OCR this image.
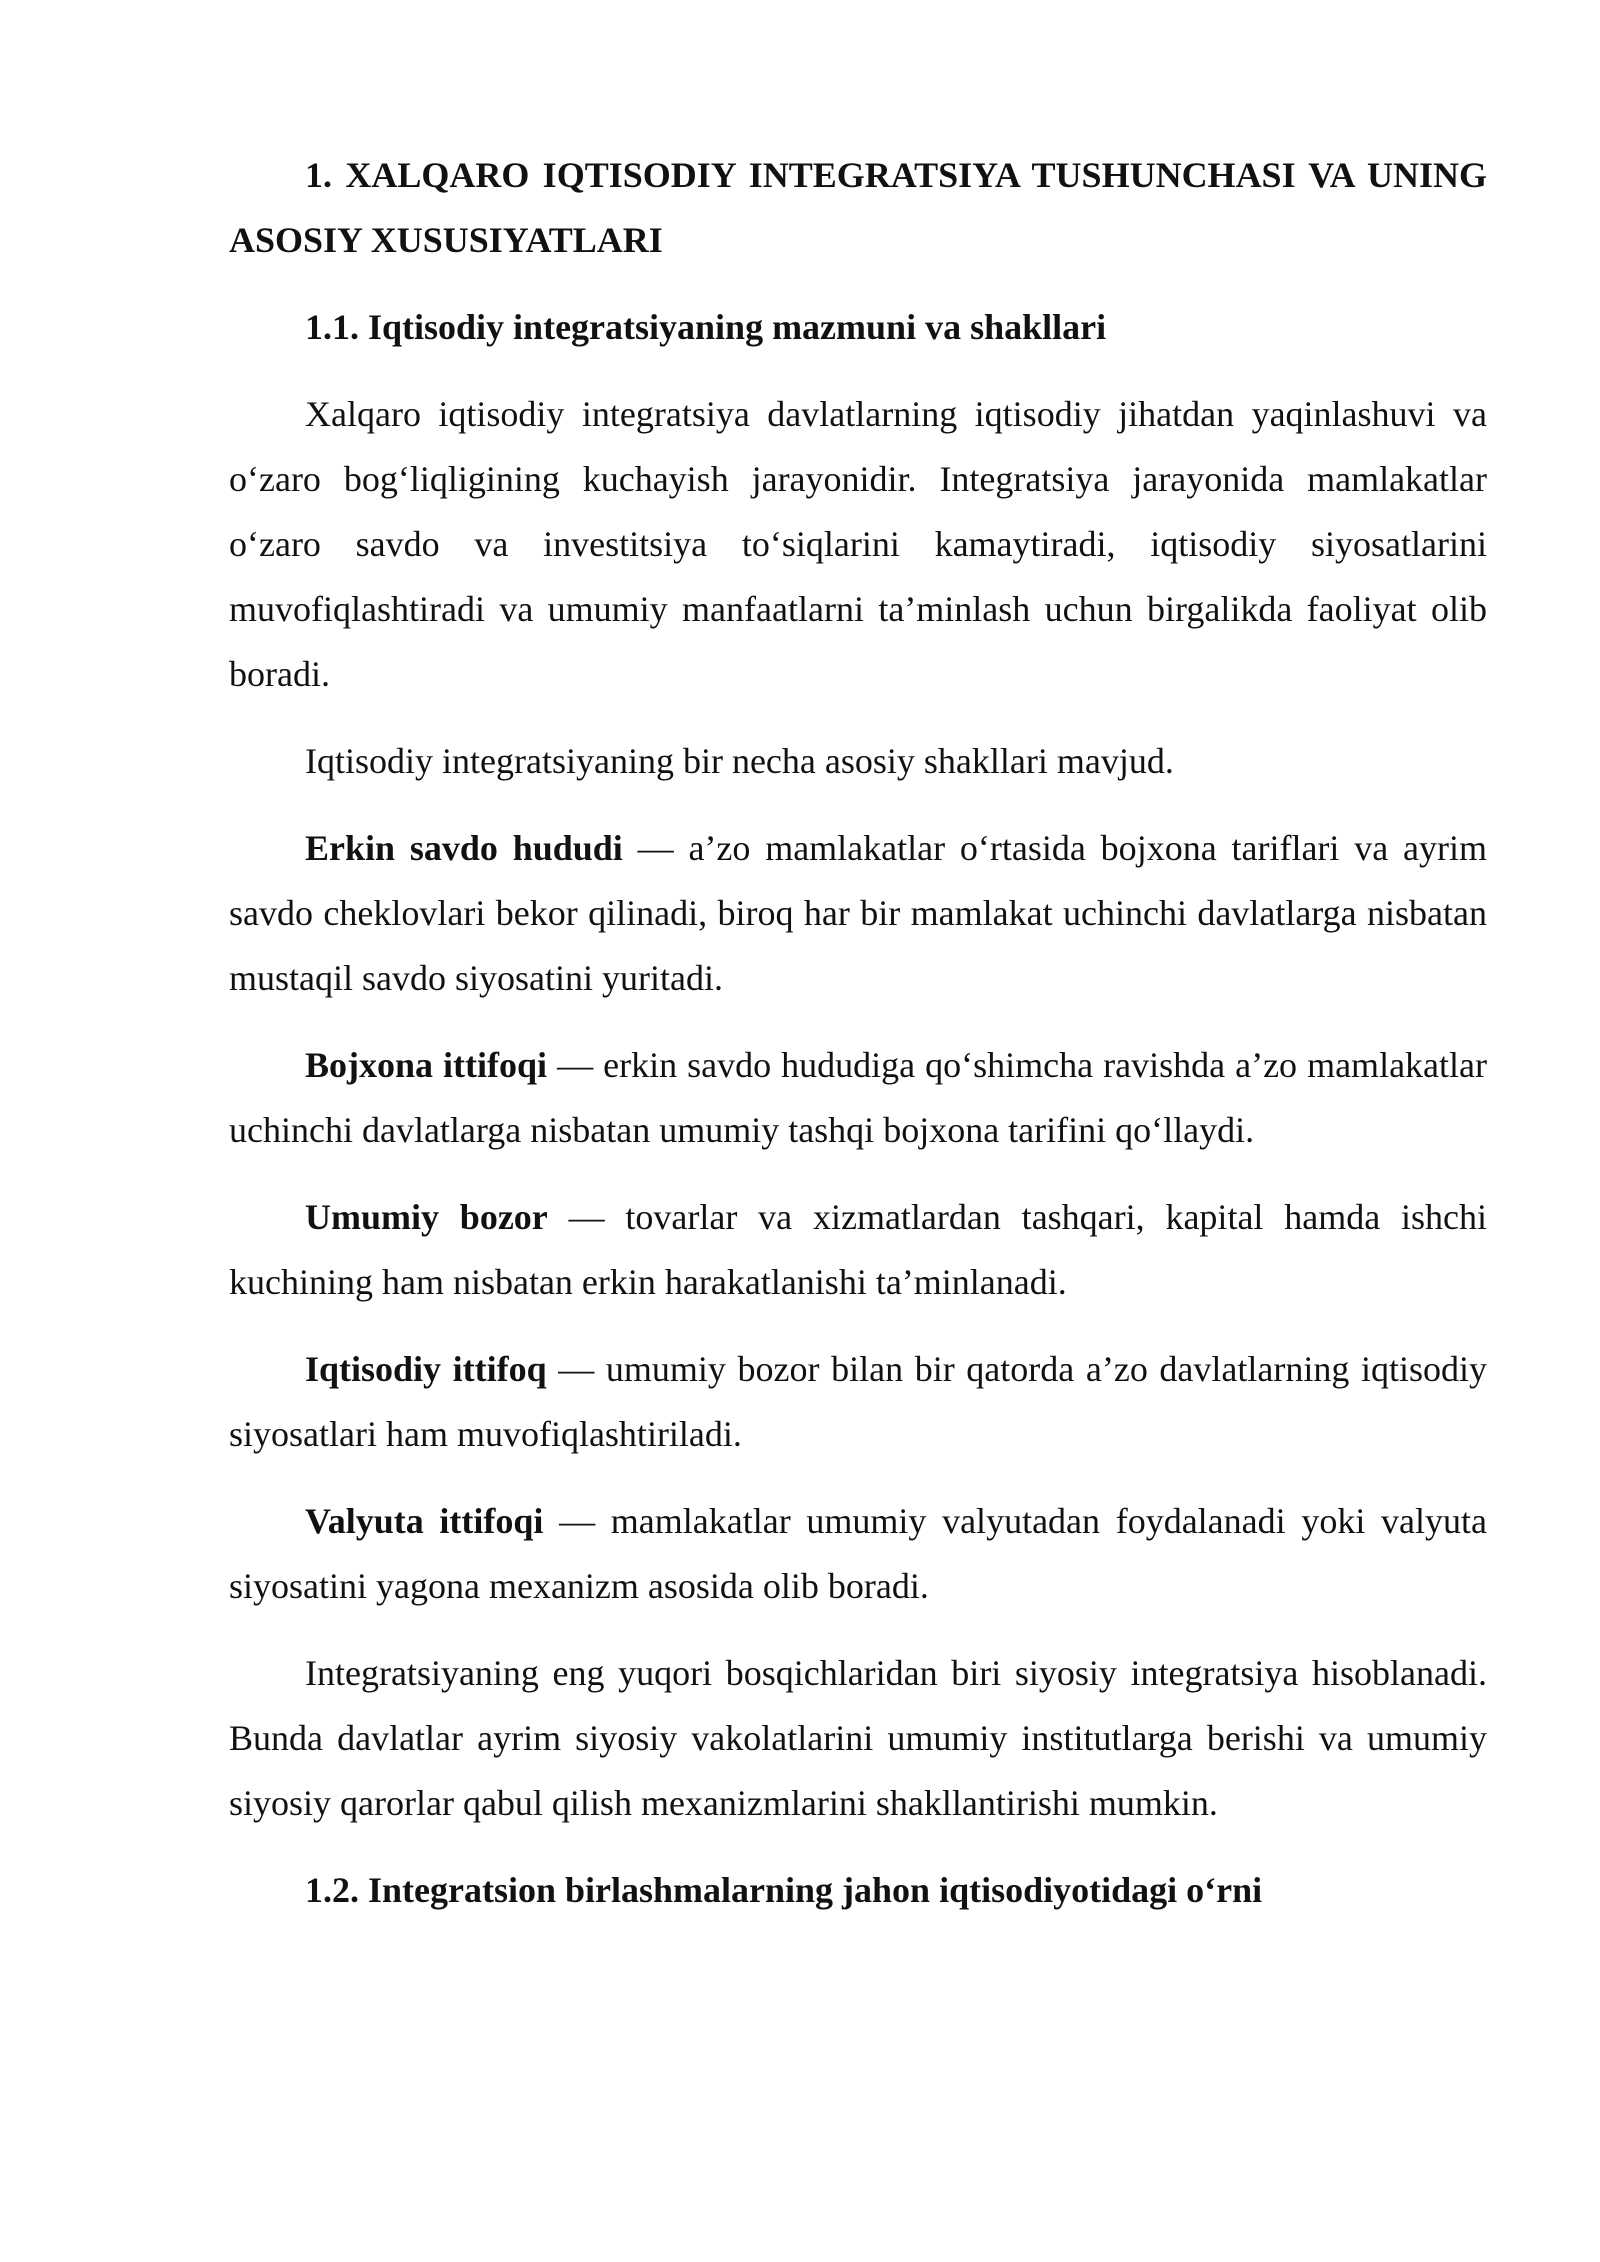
1. XALQARO IQTISODIY INTEGRATSIYA TUSHUNCHASI VA UNING ASOSIY XUSUSIYATLARI

1.1. Iqtisodiy integratsiyaning mazmuni va shakllari

Xalqaro iqtisodiy integratsiya davlatlarning iqtisodiy jihatdan yaqinlashuvi va o‘zaro bog‘liqligining kuchayish jarayonidir. Integratsiya jarayonida mamlakatlar o‘zaro savdo va investitsiya to‘siqlarini kamaytiradi, iqtisodiy siyosatlarini muvofiqlashtiradi va umumiy manfaatlarni ta’minlash uchun birgalikda faoliyat olib boradi.

Iqtisodiy integratsiyaning bir necha asosiy shakllari mavjud.

Erkin savdo hududi — a’zo mamlakatlar o‘rtasida bojxona tariflari va ayrim savdo cheklovlari bekor qilinadi, biroq har bir mamlakat uchinchi davlatlarga nisbatan mustaqil savdo siyosatini yuritadi.

Bojxona ittifoqi — erkin savdo hududiga qo‘shimcha ravishda a’zo mamlakatlar uchinchi davlatlarga nisbatan umumiy tashqi bojxona tarifini qo‘llaydi.

Umumiy bozor — tovarlar va xizmatlardan tashqari, kapital hamda ishchi kuchining ham nisbatan erkin harakatlanishi ta’minlanadi.

Iqtisodiy ittifoq — umumiy bozor bilan bir qatorda a’zo davlatlarning iqtisodiy siyosatlari ham muvofiqlashtiriladi.

Valyuta ittifoqi — mamlakatlar umumiy valyutadan foydalanadi yoki valyuta siyosatini yagona mexanizm asosida olib boradi.

Integratsiyaning eng yuqori bosqichlaridan biri siyosiy integratsiya hisoblanadi. Bunda davlatlar ayrim siyosiy vakolatlarini umumiy institutlarga berishi va umumiy siyosiy qarorlar qabul qilish mexanizmlarini shakllantirishi mumkin.

1.2. Integratsion birlashmalarning jahon iqtisodiyotidagi o‘rni
